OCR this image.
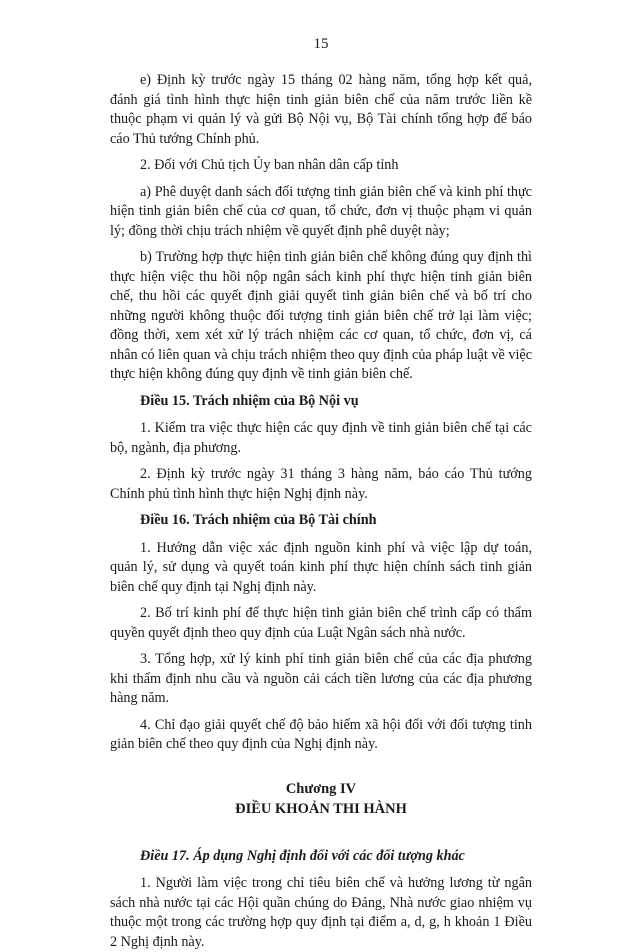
15

e) Định kỳ trước ngày 15 tháng 02 hàng năm, tổng hợp kết quả, đánh giá tình hình thực hiện tinh giản biên chế của năm trước liền kề thuộc phạm vi quản lý và gửi Bộ Nội vụ, Bộ Tài chính tổng hợp để báo cáo Thủ tướng Chính phủ.

2. Đối với Chủ tịch Ủy ban nhân dân cấp tỉnh

a) Phê duyệt danh sách đối tượng tinh giản biên chế và kinh phí thực hiện tinh giản biên chế của cơ quan, tổ chức, đơn vị thuộc phạm vi quản lý; đồng thời chịu trách nhiệm về quyết định phê duyệt này;

b) Trường hợp thực hiện tinh giản biên chế không đúng quy định thì thực hiện việc thu hồi nộp ngân sách kinh phí thực hiện tinh giản biên chế, thu hồi các quyết định giải quyết tinh giản biên chế và bố trí cho những người không thuộc đối tượng tinh giản biên chế trở lại làm việc; đồng thời, xem xét xử lý trách nhiệm các cơ quan, tổ chức, đơn vị, cá nhân có liên quan và chịu trách nhiệm theo quy định của pháp luật về việc thực hiện không đúng quy định về tinh giản biên chế.

Điều 15. Trách nhiệm của Bộ Nội vụ

1. Kiểm tra việc thực hiện các quy định về tinh giản biên chế tại các bộ, ngành, địa phương.

2. Định kỳ trước ngày 31 tháng 3 hàng năm, báo cáo Thủ tướng Chính phủ tình hình thực hiện Nghị định này.

Điều 16. Trách nhiệm của Bộ Tài chính

1. Hướng dẫn việc xác định nguồn kinh phí và việc lập dự toán, quản lý, sử dụng và quyết toán kinh phí thực hiện chính sách tinh giản biên chế quy định tại Nghị định này.

2. Bố trí kinh phí để thực hiện tinh giản biên chế trình cấp có thẩm quyền quyết định theo quy định của Luật Ngân sách nhà nước.

3. Tổng hợp, xử lý kinh phí tinh giản biên chế của các địa phương khi thẩm định nhu cầu và nguồn cải cách tiền lương của các địa phương hàng năm.

4. Chỉ đạo giải quyết chế độ bảo hiểm xã hội đối với đối tượng tinh giản biên chế theo quy định của Nghị định này.

Chương IV

ĐIỀU KHOẢN THI HÀNH

Điều 17. Áp dụng Nghị định đối với các đối tượng khác

1. Người làm việc trong chỉ tiêu biên chế và hưởng lương từ ngân sách nhà nước tại các Hội quần chúng do Đảng, Nhà nước giao nhiệm vụ thuộc một trong các trường hợp quy định tại điểm a, d, g, h khoản 1 Điều 2 Nghị định này.
